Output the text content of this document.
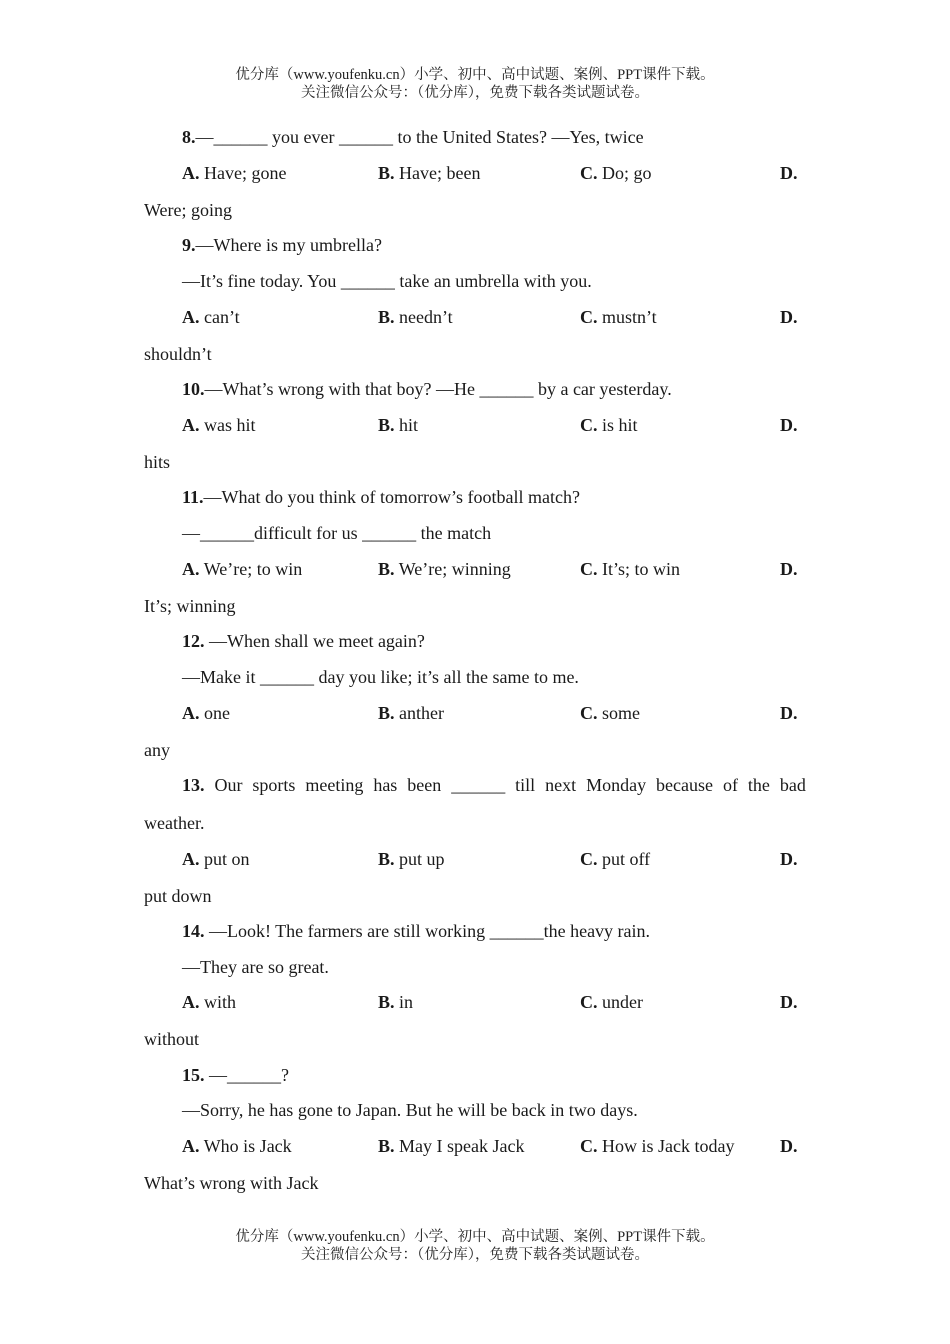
优分库（www.youfenku.cn）小学、初中、高中试题、案例、PPT课件下载。
关注微信公众号：（优分库），免费下载各类试题试卷。
8.—______ you ever ______ to the United States? —Yes, twice
A. Have; gone	B. Have; been	C. Do; go	D.
Were; going
9.—Where is my umbrella?
—It’s fine today. You ______ take an umbrella with you.
A. can’t	B. needn’t	C. mustn’t	D.
shouldn’t
10.—What’s wrong with that boy? —He ______ by a car yesterday.
A. was hit	B. hit	C. is hit	D.
hits
11.—What do you think of tomorrow’s football match?
—______difficult for us ______ the match
A. We’re; to win	B. We’re; winning	C. It’s; to win	D.
It’s; winning
12. —When shall we meet again?
—Make it ______ day you like; it’s all the same to me.
A. one	B. anther	C. some	D.
any
13. Our sports meeting has been ______ till next Monday because of the bad
weather.
A. put on	B. put up	C. put off	D.
put down
14. —Look! The farmers are still working ______the heavy rain.
—They are so great.
A. with	B. in	C. under	D.
without
15. —______?
—Sorry, he has gone to Japan. But he will be back in two days.
A. Who is Jack	B. May I speak Jack	C. How is Jack today	D.
What’s wrong with Jack
优分库（www.youfenku.cn）小学、初中、高中试题、案例、PPT课件下载。
关注微信公众号：（优分库），免费下载各类试题试卷。
